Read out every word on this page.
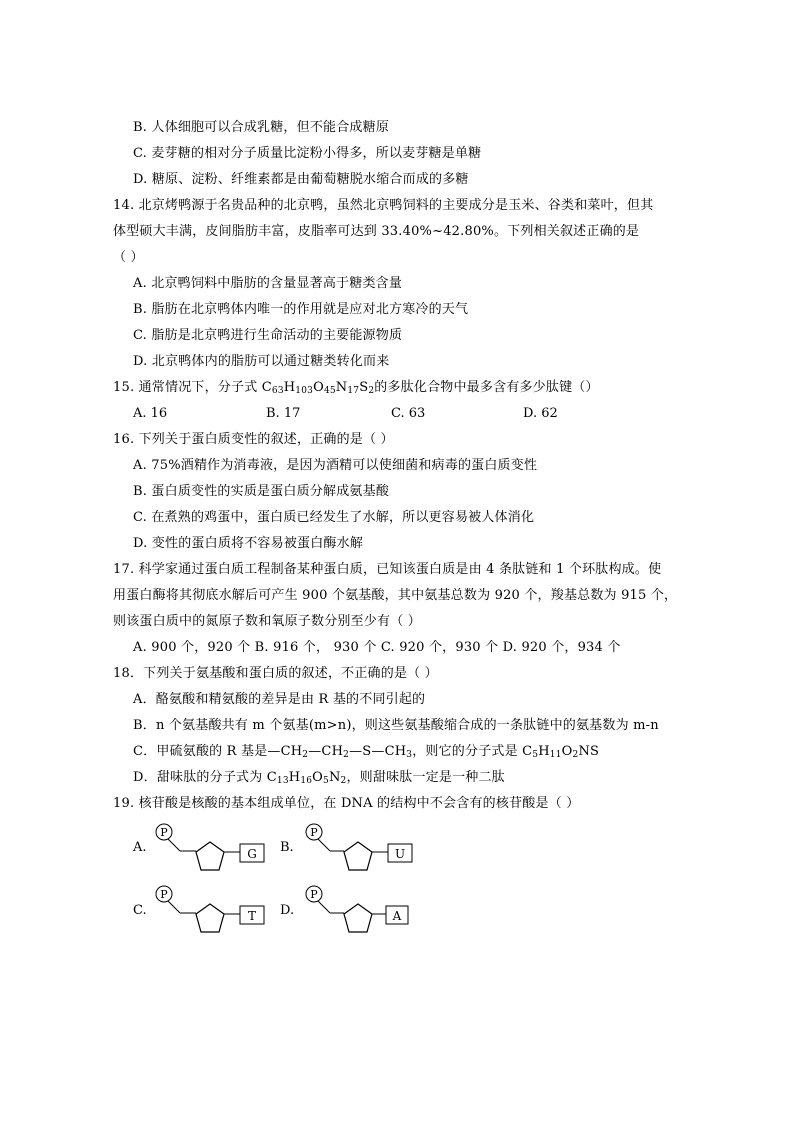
B. 人体细胞可以合成乳糖，但不能合成糖原
C. 麦芽糖的相对分子质量比淀粉小得多，所以麦芽糖是单糖
D. 糖原、淀粉、纤维素都是由葡萄糖脱水缩合而成的多糖
14. 北京烤鸭源于名贵品种的北京鸭，虽然北京鸭饲料的主要成分是玉米、谷类和菜叶，但其
体型硕大丰满，皮间脂肪丰富，皮脂率可达到 33.40%~42.80%。下列相关叙述正确的是
（ ）
A. 北京鸭饲料中脂肪的含量显著高于糖类含量
B. 脂肪在北京鸭体内唯一的作用就是应对北方寒冷的天气
C. 脂肪是北京鸭进行生命活动的主要能源物质
D. 北京鸭体内的脂肪可以通过糖类转化而来
15. 通常情况下，分子式 $C_{63}H_{103}O_{45}N_{17}S_2$的多肽化合物中最多含有多少肽键（）
A. 16	B. 17	C. 63	D. 62
16. 下列关于蛋白质变性的叙述，正确的是（ ）
A. 75%酒精作为消毒液，是因为酒精可以使细菌和病毒的蛋白质变性
B. 蛋白质变性的实质是蛋白质分解成氨基酸
C. 在煮熟的鸡蛋中，蛋白质已经发生了水解，所以更容易被人体消化
D. 变性的蛋白质将不容易被蛋白酶水解
17. 科学家通过蛋白质工程制备某种蛋白质，已知该蛋白质是由 4 条肽链和 1 个环肽构成。使
用蛋白酶将其彻底水解后可产生 900 个氨基酸，其中氨基总数为 920 个，羧基总数为 915 个，
则该蛋白质中的氮原子数和氧原子数分别至少有（ ）
A. 900 个，920 个 B. 916 个， 930 个 C. 920 个，930 个 D. 920 个，934 个
18．下列关于氨基酸和蛋白质的叙述，不正确的是（ ）
A．酪氨酸和精氨酸的差异是由 R 基的不同引起的
B．n 个氨基酸共有 m 个氨基(m>n)，则这些氨基酸缩合成的一条肽链中的氨基数为 m-n
C．甲硫氨酸的 R 基是$—CH_2—CH_2—S—CH_3$，则它的分子式是 $C_5H_{11}O_2NS$
D．甜味肽的分子式为 $C_{13}H_{16}O_5N_2$，则甜味肽一定是一种二肽
19. 核苷酸是核酸的基本组成单位，在 DNA 的结构中不会含有的核苷酸是（ ）
A.
P
G B.
P
U
C.
P
T D.
P
A
